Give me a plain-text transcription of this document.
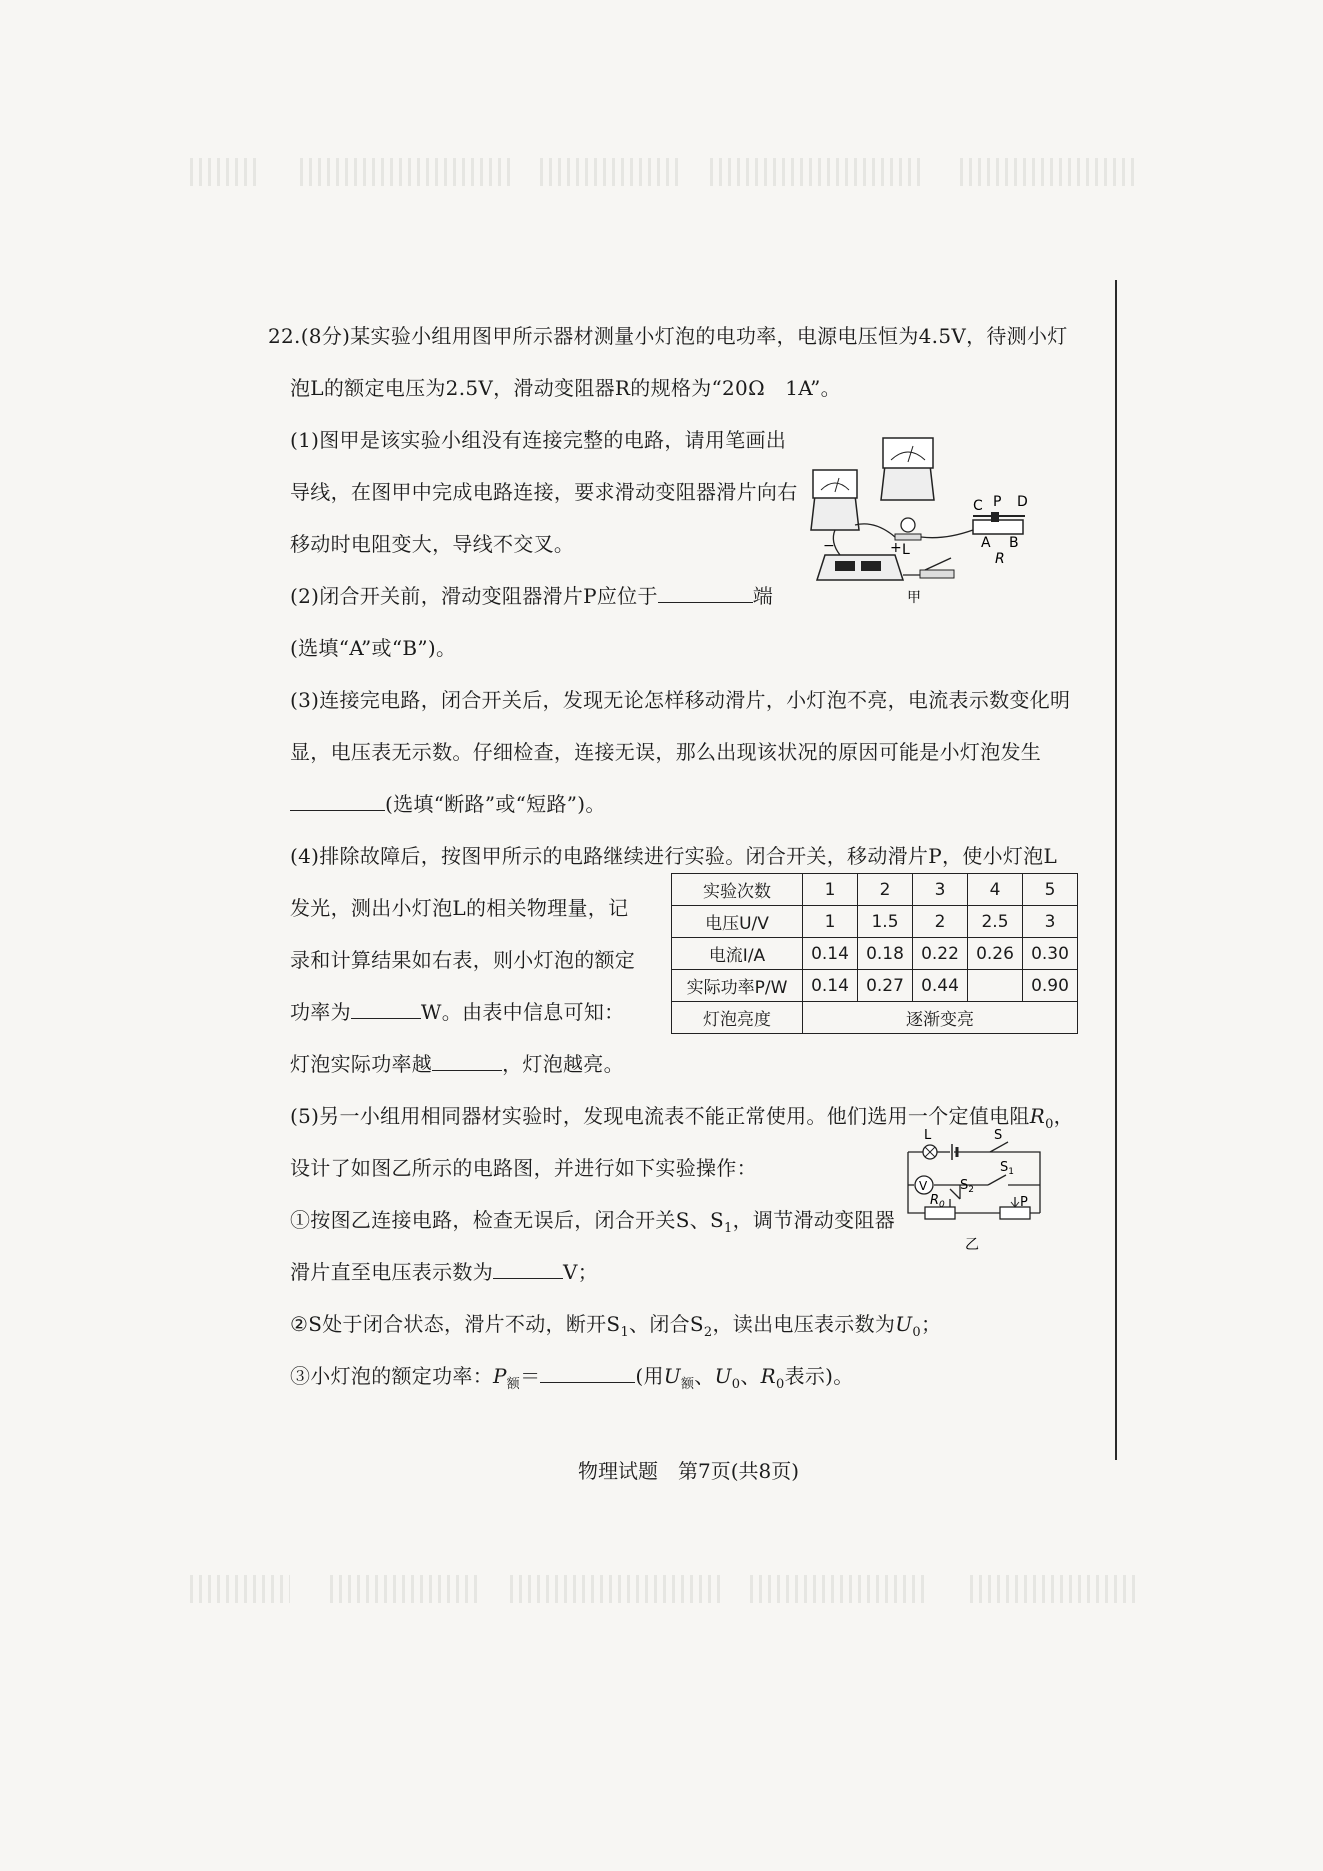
22.(8分)某实验小组用图甲所示器材测量小灯泡的电功率，电源电压恒为4.5V，待测小灯
泡L的额定电压为2.5V，滑动变阻器R的规格为“20Ω　1A”。
(1)图甲是该实验小组没有连接完整的电路，请用笔画出
导线，在图甲中完成电路连接，要求滑动变阻器滑片向右
移动时电阻变大，导线不交叉。
(2)闭合开关前，滑动变阻器滑片P应位于	端
(选填“A”或“B”)。
(3)连接完电路，闭合开关后，发现无论怎样移动滑片，小灯泡不亮，电流表示数变化明
显，电压表无示数。仔细检查，连接无误，那么出现该状况的原因可能是小灯泡发生
(选填“断路”或“短路”)。
(4)排除故障后，按图甲所示的电路继续进行实验。闭合开关，移动滑片P，使小灯泡L
发光，测出小灯泡L的相关物理量，记
录和计算结果如右表，则小灯泡的额定
功率为	W。由表中信息可知：
灯泡实际功率越	，灯泡越亮。
实验次数	1	2	3	4	5
电压U/V	1	1.5	2	2.5	3
电流I/A	0.14	0.18	0.22	0.26	0.30
实际功率P/W	0.14	0.27	0.44		0.90
灯泡亮度	逐渐变亮				
(5)另一小组用相同器材实验时，发现电流表不能正常使用。他们选用一个定值电阻$R_0$，
设计了如图乙所示的电路图，并进行如下实验操作：
①按图乙连接电路，检查无误后，闭合开关S、$S_1$，调节滑动变阻器
滑片直至电压表示数为	V；
②S处于闭合状态，滑片不动，断开$S_1$、闭合$S_2$，读出电压表示数为$U_0$；
③小灯泡的额定功率：$P_额=$	(用$U_额$、$U_0$、$R_0$表示)。
C P D
A B
R
L
−	+
甲
V
L	S
$S_1$
$S_2$
$R_0$	P
乙
物理试题　第7页(共8页)
